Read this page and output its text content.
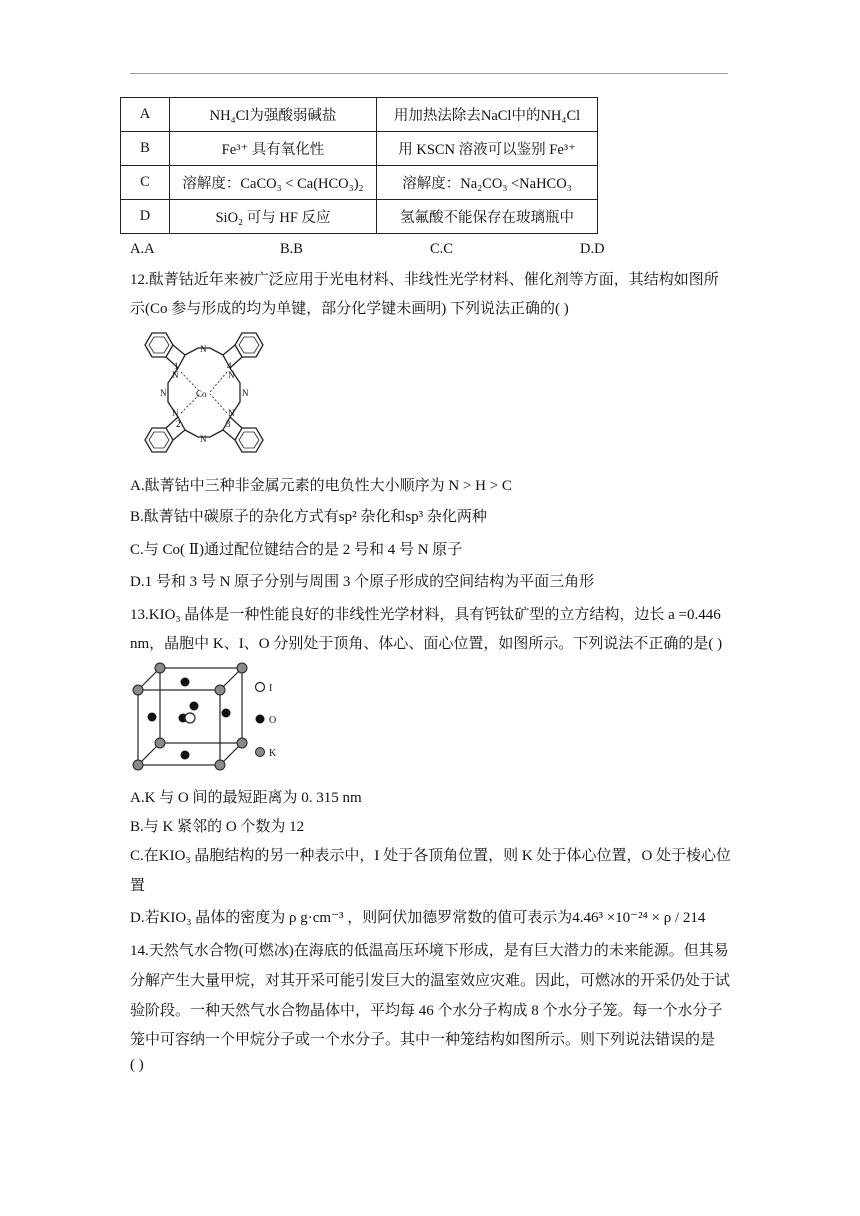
A	NH₄Cl为强酸弱碱盐	用加热法除去NaCl中的NH₄Cl
B	Fe³⁺ 具有氧化性	用 KSCN 溶液可以鉴别 Fe³⁺
C	溶解度：CaCO₃ < Ca(HCO₃)₂	溶解度：Na₂CO₃ <NaHCO₃
D	SiO₂ 可与 HF 反应	氢氟酸不能保存在玻璃瓶中
A.A	B.B	C.C	D.D
12.酞菁钴近年来被广泛应用于光电材料、非线性光学材料、催化剂等方面，其结构如图所
示(Co 参与形成的均为单键，部分化学键未画明) 下列说法正确的( )
N
N
N	N
N	N
N	N
Co
1
2	3
4
A.酞菁钴中三种非金属元素的电负性大小顺序为 N > H > C
B.酞菁钴中碳原子的杂化方式有sp² 杂化和sp³ 杂化两种
C.与 Co( Ⅱ)通过配位键结合的是 2 号和 4 号 N 原子
D.1 号和 3 号 N 原子分别与周围 3 个原子形成的空间结构为平面三角形
13.KIO₃ 晶体是一种性能良好的非线性光学材料，具有钙钛矿型的立方结构，边长 a =0.446
nm，晶胞中 K、I、O 分别处于顶角、体心、面心位置，如图所示。下列说法不正确的是( )
I
O
K
A.K 与 O 间的最短距离为 0. 315 nm
B.与 K 紧邻的 O 个数为 12
C.在KIO₃ 晶胞结构的另一种表示中，I 处于各顶角位置，则 K 处于体心位置，O 处于棱心位
置
D.若KIO₃ 晶体的密度为 ρ g·cm⁻³ ，则阿伏加德罗常数的值可表示为4.46³ ×10⁻²⁴ × ρ / 214
14.天然气水合物(可燃冰)在海底的低温高压环境下形成，是有巨大潜力的未来能源。但其易
分解产生大量甲烷，对其开采可能引发巨大的温室效应灾难。因此，可燃冰的开采仍处于试
验阶段。一种天然气水合物晶体中，平均每 46 个水分子构成 8 个水分子笼。每一个水分子
笼中可容纳一个甲烷分子或一个水分子。其中一种笼结构如图所示。则下列说法错误的是
( )
